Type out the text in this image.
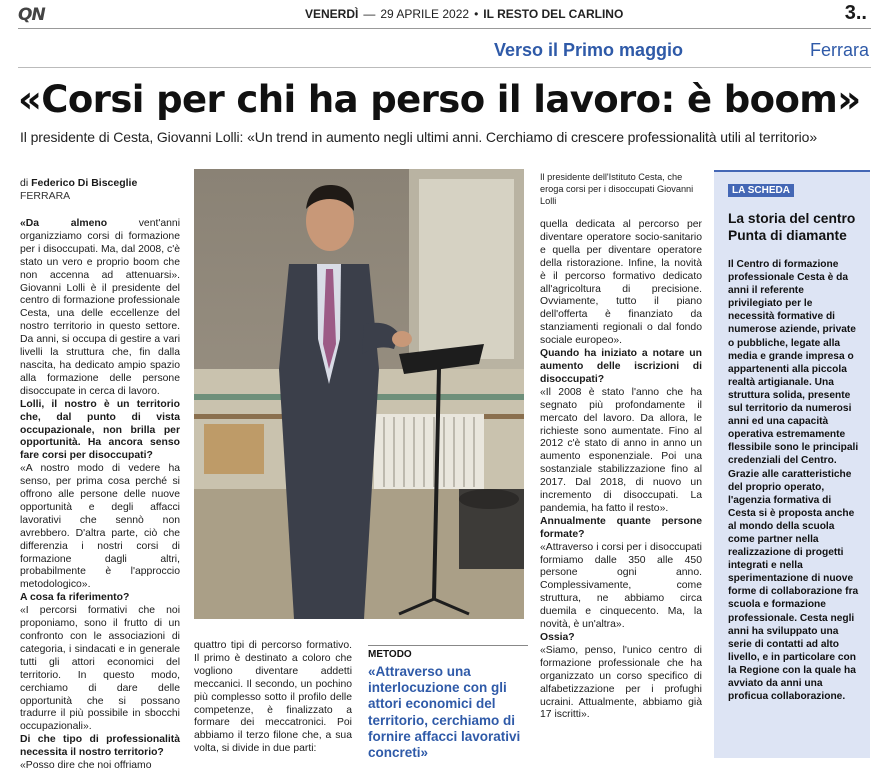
QN	VENERDÌ — 29 APRILE 2022 • IL RESTO DEL CARLINO	3..
Verso il Primo maggio	Ferrara
«Corsi per chi ha perso il lavoro: è boom»

Il presidente di Cesta, Giovanni Lolli: «Un trend in aumento negli ultimi anni. Cerchiamo di crescere professionalità utili al territorio»

di Federico Di Bisceglie
FERRARA

«Da almeno vent'anni organizziamo corsi di formazione per i disoccupati. Ma, dal 2008, c'è stato un vero e proprio boom che non accenna ad attenuarsi». Giovanni Lolli è il presidente del centro di formazione professionale Cesta, una delle eccellenze del nostro territorio in questo settore. Da anni, si occupa di gestire a vari livelli la struttura che, fin dalla nascita, ha dedicato ampio spazio alla formazione delle persone disoccupate in cerca di lavoro.

Lolli, il nostro è un territorio che, dal punto di vista occupazionale, non brilla per opportunità. Ha ancora senso fare corsi per disoccupati?

«A nostro modo di vedere ha senso, per prima cosa perché si offrono alle persone delle nuove opportunità e degli affacci lavorativi che sennò non avrebbero. D'altra parte, ciò che differenzia i nostri corsi di formazione dagli altri, probabilmente è l'approccio metodologico».

A cosa fa riferimento?

«I percorsi formativi che noi proponiamo, sono il frutto di un confronto con le associazioni di categoria, i sindacati e in generale tutti gli attori economici del territorio. In questo modo, cerchiamo di dare delle opportunità che si possano tradurre il più possibile in sbocchi occupazionali».

Di che tipo di professionalità necessita il nostro territorio?

«Posso dire che noi offriamo

Il presidente dell'Istituto Cesta, che eroga corsi per i disoccupati Giovanni Lolli

quattro tipi di percorso formativo. Il primo è destinato a coloro che vogliono diventare addetti meccanici. Il secondo, un pochino più complesso sotto il profilo delle competenze, è finalizzato a formare dei meccatronici. Poi abbiamo il terzo filone che, a sua volta, si divide in due parti:

METODO
«Attraverso una interlocuzione con gli attori economici del territorio, cerchiamo di fornire affacci lavorativi concreti»

quella dedicata al percorso per diventare operatore socio-sanitario e quella per diventare operatore della ristorazione. Infine, la novità è il percorso formativo dedicato all'agricoltura di precisione. Ovviamente, tutto il piano dell'offerta è finanziato da stanziamenti regionali o dal fondo sociale europeo».

Quando ha iniziato a notare un aumento delle iscrizioni di disoccupati?

«Il 2008 è stato l'anno che ha segnato più profondamente il mercato del lavoro. Da allora, le richieste sono aumentate. Fino al 2012 c'è stato di anno in anno un aumento esponenziale. Poi una sostanziale stabilizzazione fino al 2017. Dal 2018, di nuovo un incremento di disoccupati. La pandemia, ha fatto il resto».

Annualmente quante persone formate?

«Attraverso i corsi per i disoccupati formiamo dalle 350 alle 450 persone ogni anno. Complessivamente, come struttura, ne abbiamo circa duemila e cinquecento. Ma, la novità, è un'altra».

Ossia?

«Siamo, penso, l'unico centro di formazione professionale che ha organizzato un corso specifico di alfabetizzazione per i profughi ucraini. Attualmente, abbiamo già 17 iscritti».

LA SCHEDA
La storia del centro Punta di diamante

Il Centro di formazione professionale Cesta è da anni il referente privilegiato per le necessità formative di numerose aziende, private o pubbliche, legate alla media e grande impresa o appartenenti alla piccola realtà artigianale. Una struttura solida, presente sul territorio da numerosi anni ed una capacità operativa estremamente flessibile sono le principali credenziali del Centro. Grazie alle caratteristiche del proprio operato, l'agenzia formativa di Cesta si è proposta anche al mondo della scuola come partner nella realizzazione di progetti integrati e nella sperimentazione di nuove forme di collaborazione fra scuola e formazione professionale. Cesta negli anni ha sviluppato una serie di contatti ad alto livello, e in particolare con la Regione con la quale ha avviato da anni una proficua collaborazione.
